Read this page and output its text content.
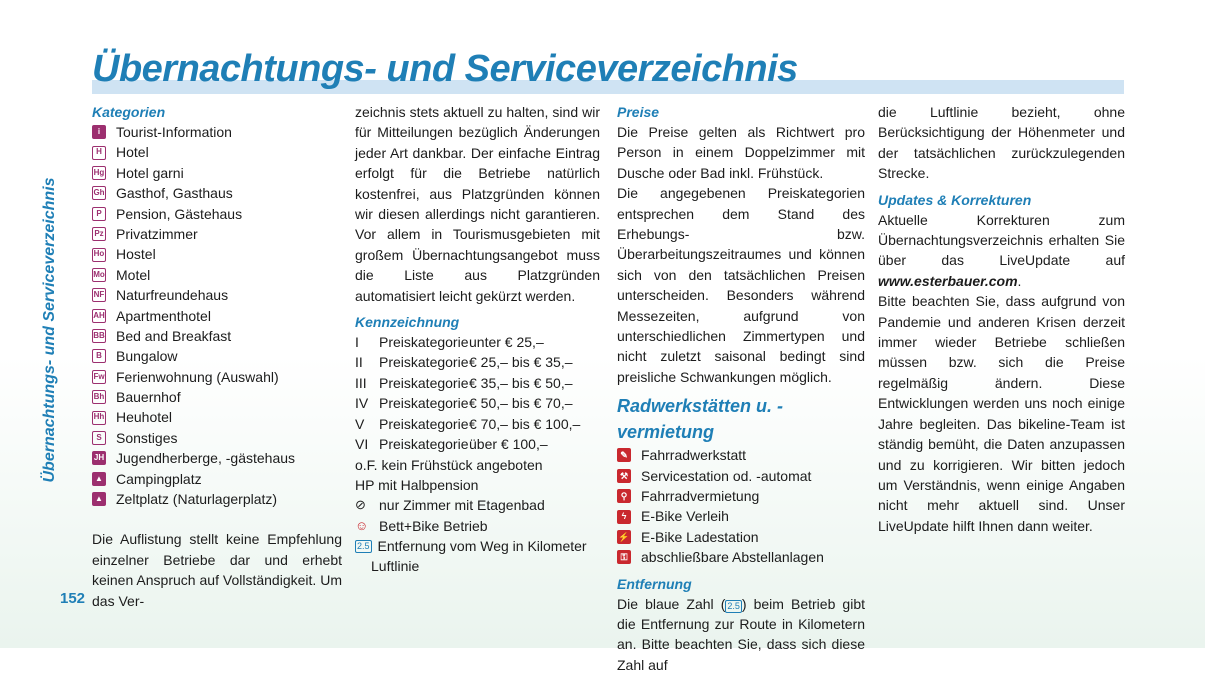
Übernachtungs- und Serviceverzeichnis
152
Übernachtungs- und Serviceverzeichnis
Kategorien
i	Tourist-Information
H Hotel
Hg Hotel garni
Gh Gasthof, Gasthaus
P	Pension, Gästehaus
Pz Privatzimmer
Ho Hostel
Mo Motel
NF Naturfreundehaus
AH Apartmenthotel
BB Bed and Breakfast
B Bungalow
Fw Ferienwohnung (Auswahl)
Bh Bauernhof
Hh Heuhotel
S	Sonstiges
JH Jugendherberge, -gästehaus
▲ Campingplatz
▲ Zeltplatz (Naturlagerplatz)

Die Auflistung stellt keine Empfehlung einzelner Betriebe dar und erhebt keinen Anspruch auf Vollständigkeit. Um das Ver-

zeichnis stets aktuell zu halten, sind wir für Mitteilungen bezüglich Änderungen jeder Art dankbar. Der einfache Eintrag erfolgt für die Betriebe natürlich kostenfrei, aus Platzgründen können wir diesen allerdings nicht garantieren. Vor allem in Tourismusgebieten mit großem Übernachtungsangebot muss die Liste aus Platzgründen automatisiert leicht gekürzt werden.

Kennzeichnung
I	Preiskategorie	unter € 25,–
II	Preiskategorie	€ 25,– bis € 35,–
III	Preiskategorie	€ 35,– bis € 50,–
IV	Preiskategorie	€ 50,– bis € 70,–
V	Preiskategorie	€ 70,– bis € 100,–
VI	Preiskategorie	über € 100,–
o.F. kein Frühstück angeboten
HP mit Halbpension
⊘ nur Zimmer mit Etagenbad
☺ Bett+Bike Betrieb
2.5 Entfernung vom Weg in Kilometer
Luftlinie
Preise

Die Preise gelten als Richtwert pro Person in einem Doppelzimmer mit Dusche oder Bad inkl. Frühstück.

Die angegebenen Preiskategorien entsprechen dem Stand des Erhebungs- bzw. Überarbeitungszeitraumes und können sich von den tatsächlichen Preisen unterscheiden. Besonders während Messezeiten, aufgrund von unterschiedlichen Zimmertypen und nicht zuletzt saisonal bedingt sind preisliche Schwankungen möglich.

Radwerkstätten u. -vermietung
✎ Fahrradwerkstatt
⚒ Servicestation od. -automat
⚲ Fahrradvermietung
ϟ	E-Bike Verleih
⚡ E-Bike Ladestation
⚿ abschließbare Abstellanlagen
Entfernung

Die blaue Zahl ( 2.5 ) beim Betrieb gibt die Entfernung zur Route in Kilometern an. Bitte beachten Sie, dass sich diese Zahl auf

die Luftlinie bezieht, ohne Berücksichtigung der Höhenmeter und der tatsächlichen zurückzulegenden Strecke.

Updates & Korrekturen

Aktuelle Korrekturen zum Übernachtungsverzeichnis erhalten Sie über das LiveUpdate auf www.esterbauer.com.

Bitte beachten Sie, dass aufgrund von Pandemie und anderen Krisen derzeit immer wieder Betriebe schließen müssen bzw. sich die Preise regelmäßig ändern. Diese Entwicklungen werden uns noch einige Jahre begleiten. Das bikeline-Team ist ständig bemüht, die Daten anzupassen und zu korrigieren. Wir bitten jedoch um Verständnis, wenn einige Angaben nicht mehr aktuell sind. Unser LiveUpdate hilft Ihnen dann weiter.
